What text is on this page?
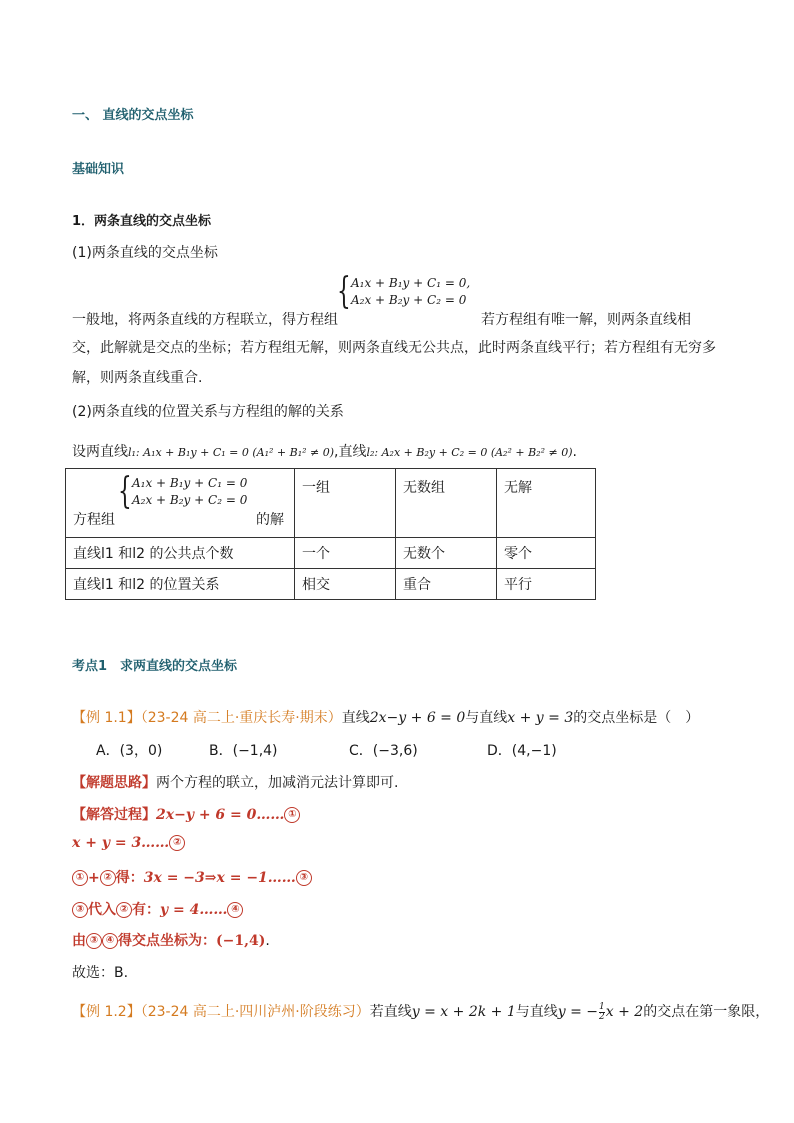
一、 直线的交点坐标
基础知识
1．两条直线的交点坐标
(1)两条直线的交点坐标
{ A₁x + B₁y + C₁ = 0,
A₂x + B₂y + C₂ = 0
一般地，将两条直线的方程联立，得方程组	若方程组有唯一解，则两条直线相
交，此解就是交点的坐标；若方程组无解，则两条直线无公共点，此时两条直线平行；若方程组有无穷多
解，则两条直线重合.
(2)两条直线的位置关系与方程组的解的关系
设两直线l₁: A₁x + B₁y + C₁ = 0 (A₁² + B₁² ≠ 0),直线l₂: A₂x + B₂y + C₂ = 0 (A₂² + B₂² ≠ 0).
方程组
{ A₁x + B₁y + C₁ = 0
A₂x + B₂y + C₂ = 0
的解	一组	无数组	无解
直线l1 和l2 的公共点个数	一个	无数个	零个
直线l1 和l2 的位置关系	相交	重合	平行
考点1　求两直线的交点坐标
【例 1.1】（23-24 高二上·重庆长寿·期末）直线2x−y + 6 = 0与直线x + y = 3的交点坐标是（　）
A．(3，0)	B．(−1,4)	C．(−3,6)	D．(4,−1)
【解题思路】两个方程的联立，加减消元法计算即可.
【解答过程】2x−y + 6 = 0…… ①
x + y = 3…… ②
① + ② 得：3x = −3⇒x = −1…… ③
③ 代入 ② 有：y = 4…… ④
由 ③ ④ 得交点坐标为：(−1,4).
故选：B.
【例 1.2】（23-24 高二上·四川泸州·阶段练习）若直线y = x + 2k + 1与直线y = − $\frac{1}{2}$ x + 2的交点在第一象限，
